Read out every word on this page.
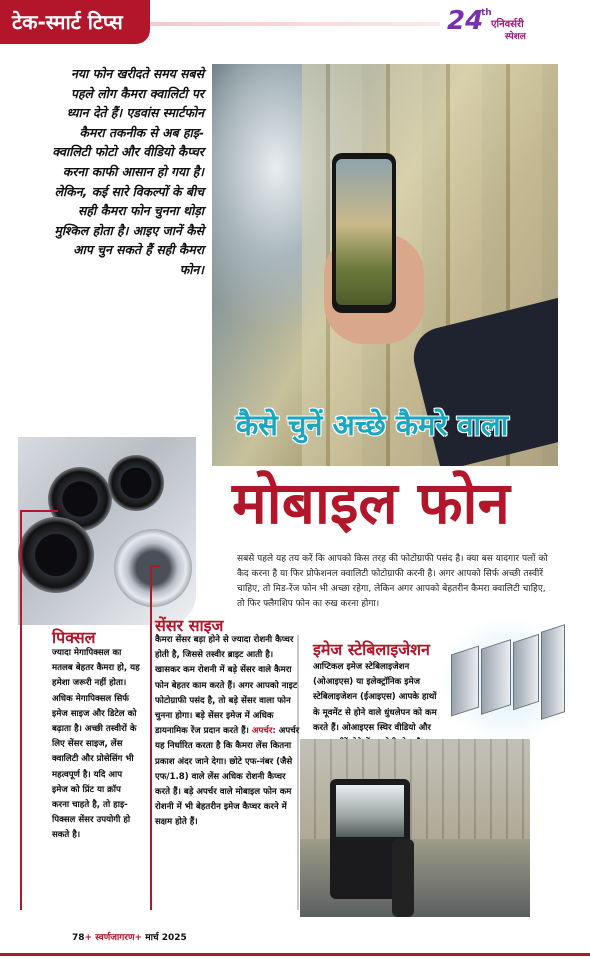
टेक-स्मार्ट टिप्स	24
th
एनिवर्सरी
स्पेशल
नया फोन खरीदते समय सबसे पहले लोग कैमरा क्वालिटी पर ध्यान देते हैं। एडवांस स्मार्टफोन कैमरा तकनीक से अब हाइ-क्वालिटी फोटो और वीडियो कैप्चर करना काफी आसान हो गया है। लेकिन, कई सारे विकल्पों के बीच सही कैमरा फोन चुनना थोड़ा मुश्किल होता है। आइए जानें कैसे आप चुन सकते हैं सही कैमरा फोन।
कैसे चुनें अच्छे कैमरे वाला
मोबाइल फोन
सबसे पहले यह तय करें कि आपको किस तरह की फोटोग्राफी पसंद है। क्या बस यादगार पलों को कैद करना है या फिर प्रोफेशनल क्वालिटी फोटोग्राफी करनी है। अगर आपको सिर्फ अच्छी तस्वीरें चाहिए, तो मिड-रेंज फोन भी अच्छा रहेगा, लेकिन अगर आपको बेहतरीन कैमरा क्वालिटी चाहिए, तो फिर फ्लैगशिप फोन का रुख करना होगा।
पिक्सल
ज्यादा मेगापिक्सल का मतलब बेहतर कैमरा हो, यह हमेशा जरूरी नहीं होता। अधिक मेगापिक्सल सिर्फ इमेज साइज और डिटेल को बढ़ाता है। अच्छी तस्वीरों के लिए सेंसर साइज, लेंस क्वालिटी और प्रोसेसिंग भी महत्वपूर्ण है। यदि आप इमेज को प्रिंट या क्रॉप करना चाहते है, तो हाइ-पिक्सल सेंसर उपयोगी हो सकते है।
सेंसर साइज
कैमरा सेंसर बड़ा होने से ज्यादा रोशनी कैप्चर होती है, जिससे तस्वीर ब्राइट आती है। खासकर कम रोशनी में बड़े सेंसर वाले कैमरा फोन बेहतर काम करते हैं। अगर आपको नाइट फोटोग्राफी पसंद है, तो बड़े सेंसर वाला फोन चुनना होगा। बड़े सेंसर इमेज में अधिक डायनामिक रेंज प्रदान करते हैं। अपर्चर: अपर्चर यह निर्धारित करता है कि कैमरा लेंस कितना प्रकाश अंदर जाने देगा। छोटे एफ-नंबर (जैसे एफ/1.8) वाले लेंस अधिक रोशनी कैप्चर करते हैं। बड़े अपर्चर वाले मोबाइल फोन कम रोशनी में भी बेहतरीन इमेज कैप्चर करने में सक्षम होते हैं।
इमेज स्टेबिलाइजेशन
आप्टिकल इमेज स्टेबिलाइजेशन (ओआइएस) या इलेक्ट्रॉनिक इमेज स्टेबिलाइजेशन (ईआइएस) आपके हाथों के मूवमेंट से होने वाले धुंधलेपन को कम करते हैं। ओआइएस स्थिर वीडियो और
78+ स्वर्णजागरण+ मार्च 2025
